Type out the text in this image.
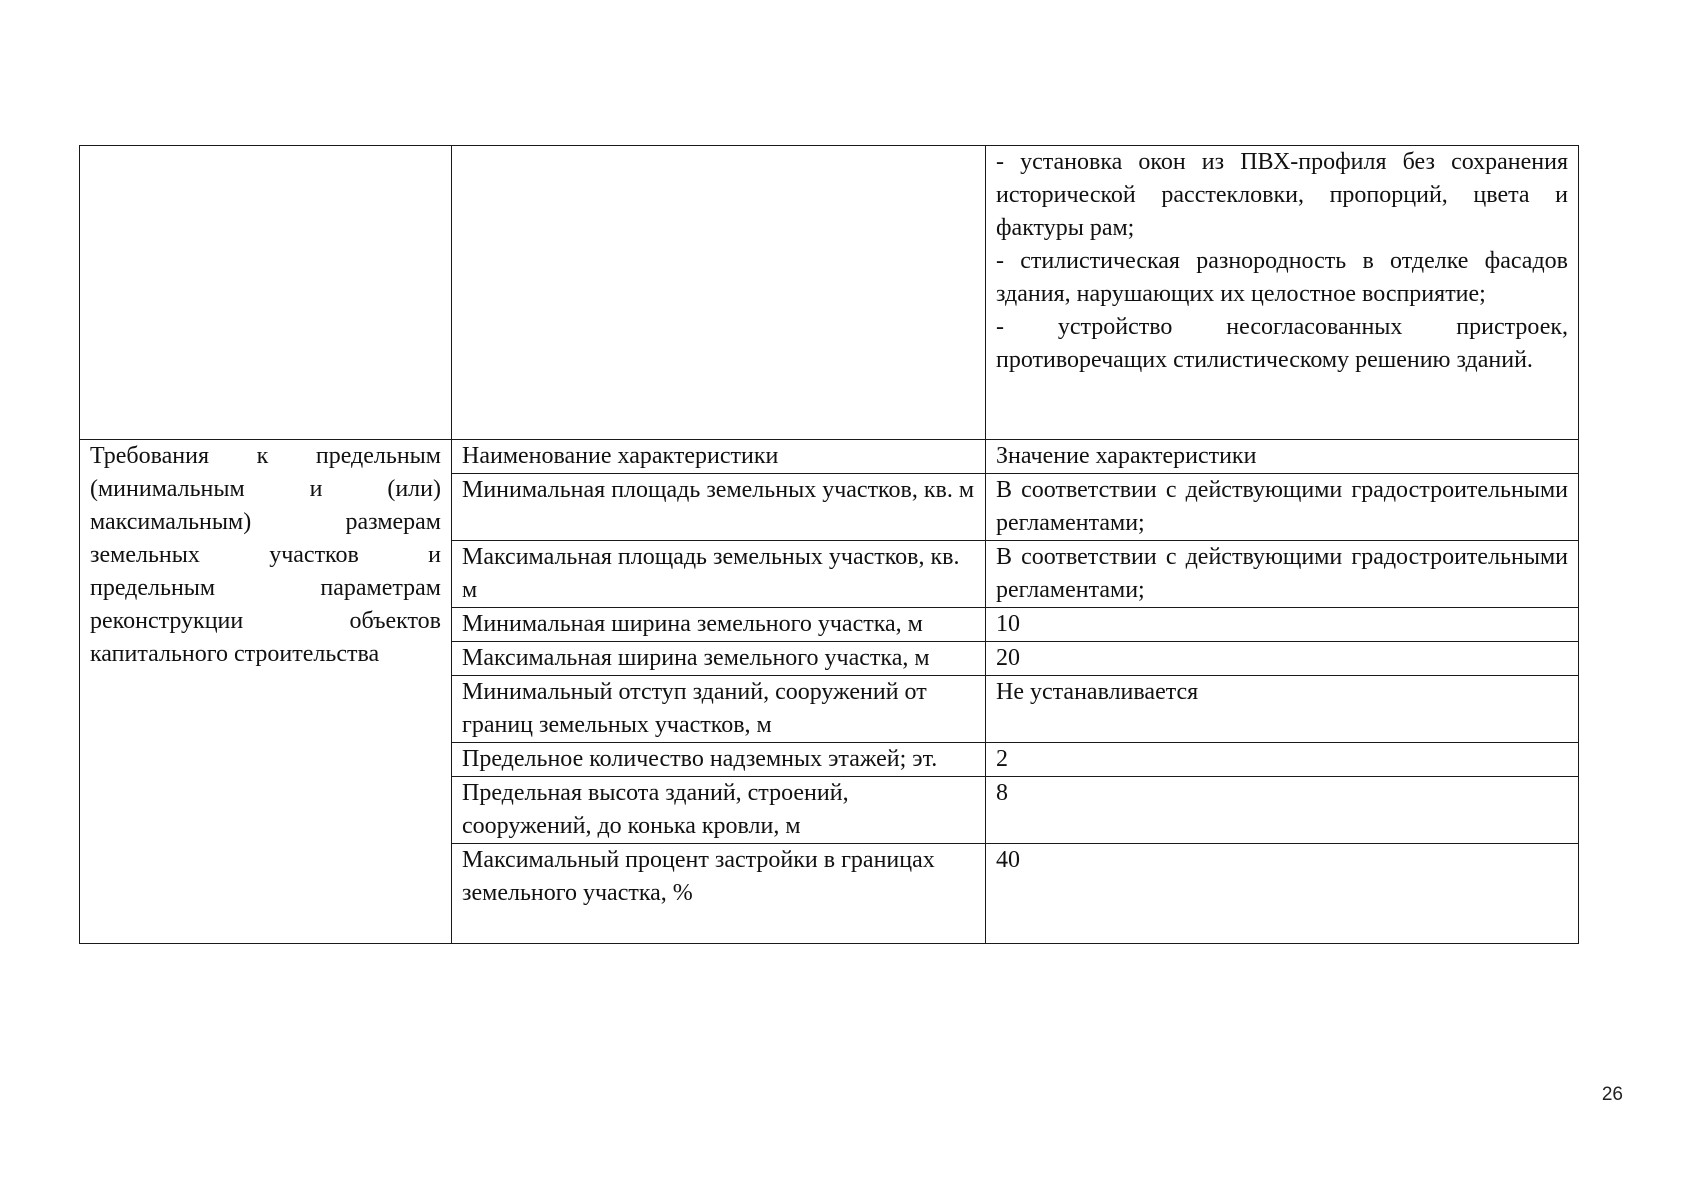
		- установка окон из ПВХ-профиля без сохранения исторической расстекловки, пропорций, цвета и фактуры рам;
- стилистическая разнородность в отделке фасадов здания, нарушающих их целостное восприятие;
- устройство несогласованных пристроек, противоречащих стилистическому решению зданий.

Требования к предельным (минимальным и (или) максимальным) размерам земельных участков и предельным параметрам реконструкции объектов капитального строительства	Наименование характеристики	Значение характеристики
	Минимальная площадь земельных участков, кв. м	В соответствии с действующими градостроительными регламентами;
	Максимальная площадь земельных участков, кв. м	В соответствии с действующими градостроительными регламентами;
	Минимальная ширина земельного участка, м	10
	Максимальная ширина земельного участка, м	20
	Минимальный отступ зданий, сооружений от границ земельных участков, м	Не устанавливается
	Предельное количество надземных этажей; эт.	2
	Предельная высота зданий, строений, сооружений, до конька кровли, м	8
	Максимальный процент застройки в границах земельного участка, %	40
26
